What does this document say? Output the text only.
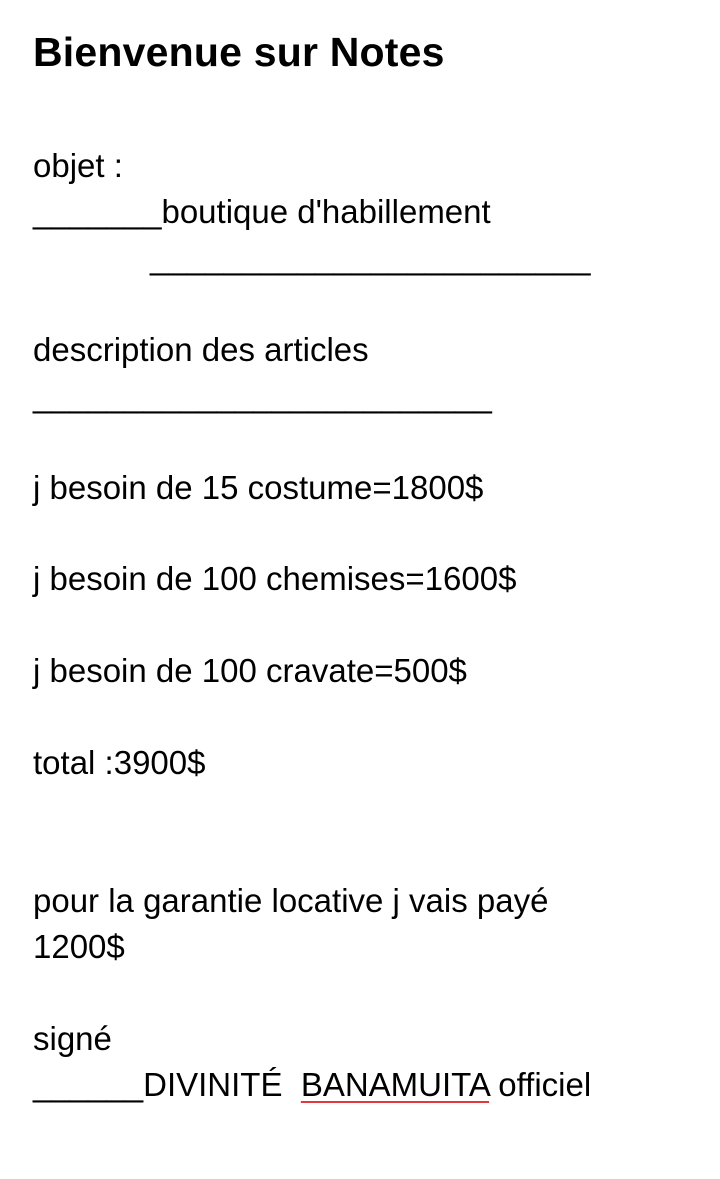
Bienvenue sur Notes
objet :
_______boutique d'habillement
________________________
description des articles
_________________________
j besoin de 15 costume=1800$
j besoin de 100 chemises=1600$
j besoin de 100 cravate=500$
total :3900$
pour la garantie locative j vais payé
1200$
signé
______DIVINITÉ  BANAMUITA officiel
